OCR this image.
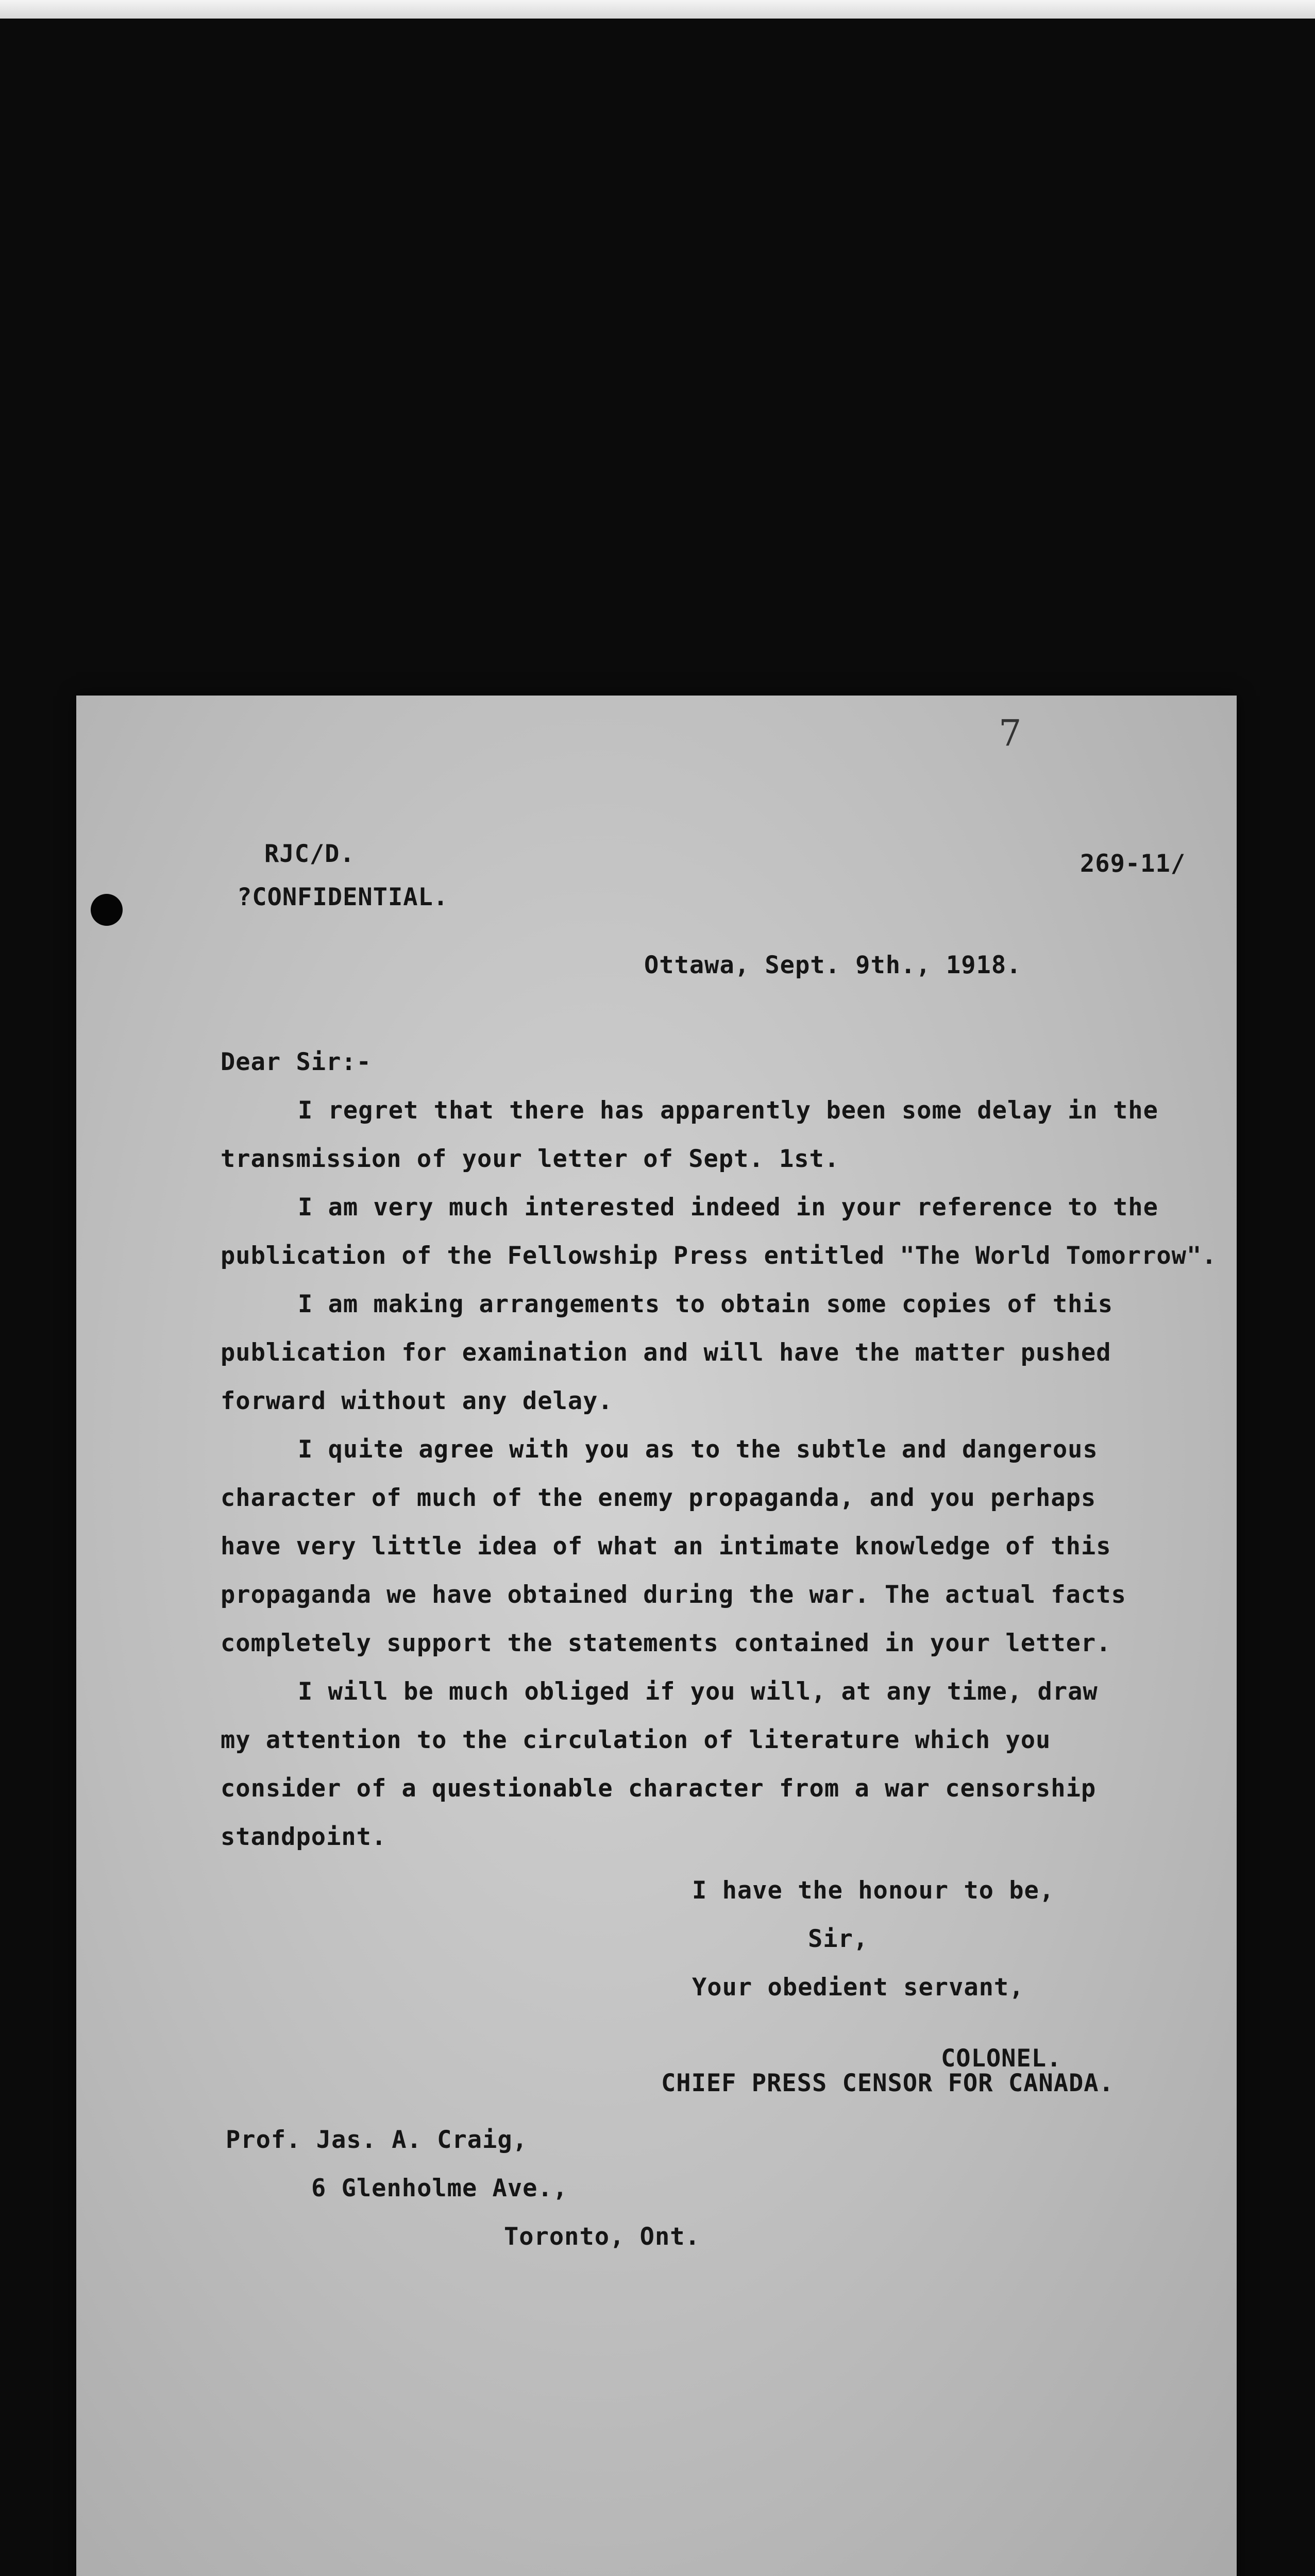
7
RJC/D.
?CONFIDENTIAL.
269-11/
Ottawa, Sept. 9th., 1918.
Dear Sir:-
I regret that there has apparently been some delay in the
transmission of your letter of Sept. 1st.
I am very much interested indeed in your reference to the
publication of the Fellowship Press entitled "The World Tomorrow".
I am making arrangements to obtain some copies of this
publication for examination and will have the matter pushed
forward without any delay.
I quite agree with you as to the subtle and dangerous
character of much of the enemy propaganda, and you perhaps
have very little idea of what an intimate knowledge of this
propaganda we have obtained during the war. The actual facts
completely support the statements contained in your letter.
I will be much obliged if you will, at any time, draw
my attention to the circulation of literature which you
consider of a questionable character from a war censorship
standpoint.
I have the honour to be,
Sir,
Your obedient servant,
COLONEL.
CHIEF PRESS CENSOR FOR CANADA.
Prof. Jas. A. Craig,
6 Glenholme Ave.,
Toronto, Ont.
